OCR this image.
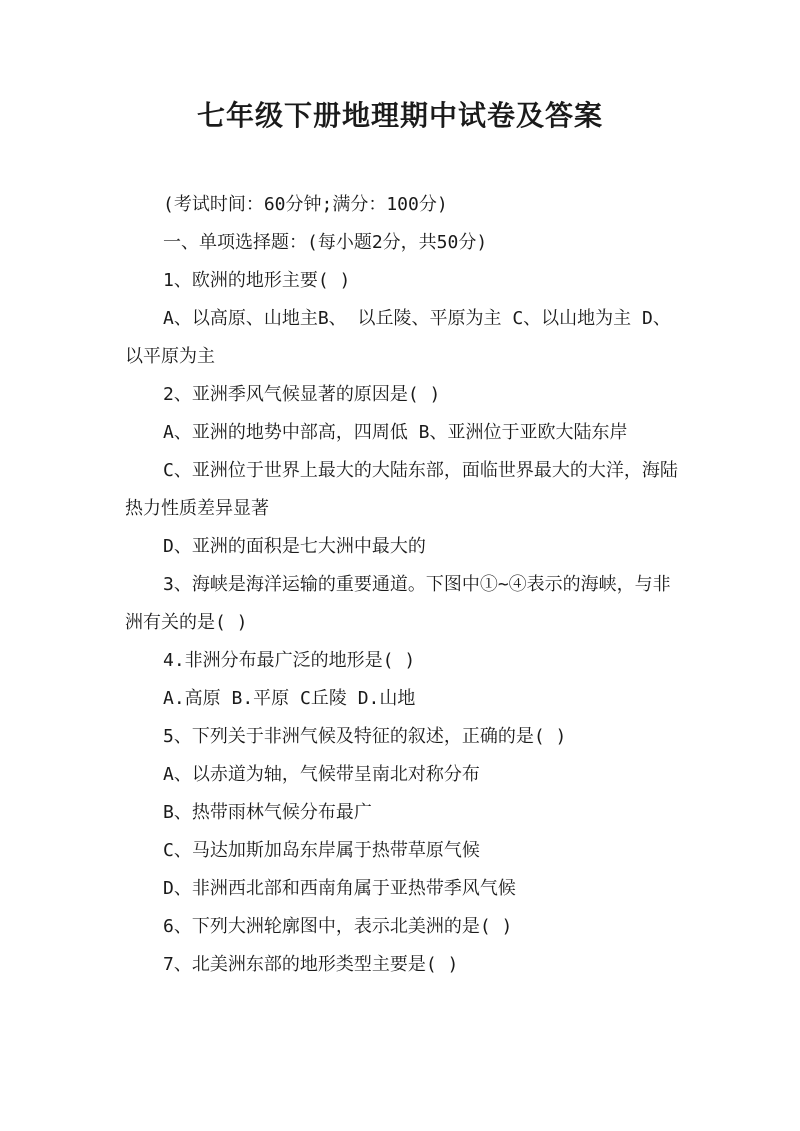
七年级下册地理期中试卷及答案

(考试时间：60分钟;满分：100分)

一、单项选择题：(每小题2分，共50分)

1、欧洲的地形主要( )

A、以高原、山地主B、 以丘陵、平原为主 C、以山地为主 D、以平原为主

2、亚洲季风气候显著的原因是( )

A、亚洲的地势中部高，四周低 B、亚洲位于亚欧大陆东岸

C、亚洲位于世界上最大的大陆东部，面临世界最大的大洋，海陆热力性质差异显著

D、亚洲的面积是七大洲中最大的

3、海峡是海洋运输的重要通道。下图中①~④表示的海峡，与非洲有关的是( )

4.非洲分布最广泛的地形是( )

A.高原 B.平原 C丘陵 D.山地

5、下列关于非洲气候及特征的叙述，正确的是( )

A、以赤道为轴，气候带呈南北对称分布

B、热带雨林气候分布最广

C、马达加斯加岛东岸属于热带草原气候

D、非洲西北部和西南角属于亚热带季风气候

6、下列大洲轮廓图中，表示北美洲的是( )

7、北美洲东部的地形类型主要是( )
